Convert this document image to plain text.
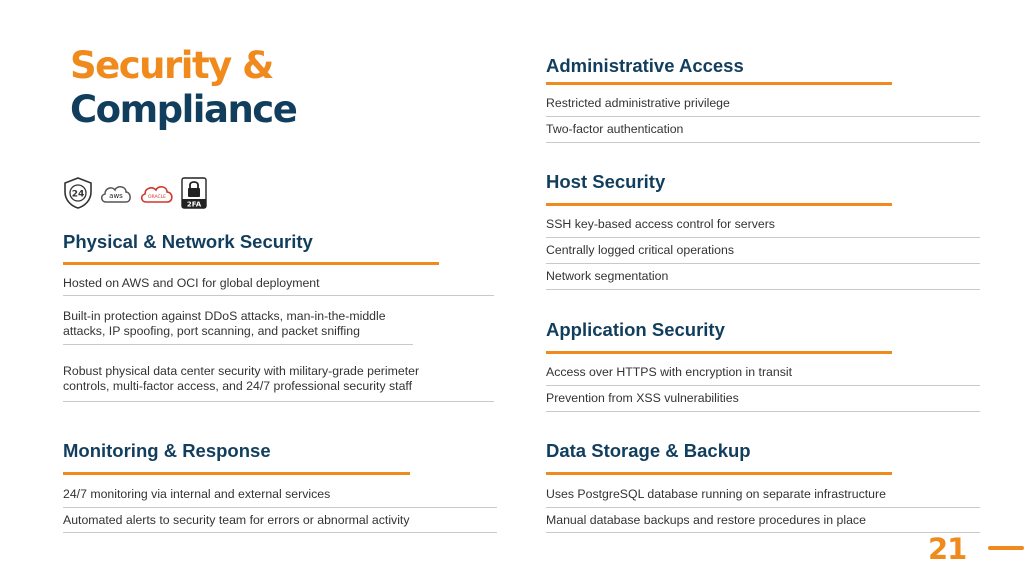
Security &
Compliance
24	aws	ORACLE
2FA
Physical & Network Security
Hosted on AWS and OCI for global deployment
Built-in protection against DDoS attacks, man-in-the-middle attacks, IP spoofing, port scanning, and packet sniffing
Robust physical data center security with military-grade perimeter controls, multi-factor access, and 24/7 professional security staff
Monitoring & Response
24/7 monitoring via internal and external services
Automated alerts to security team for errors or abnormal activity
Administrative Access
Restricted administrative privilege
Two-factor authentication
Host Security
SSH key-based access control for servers
Centrally logged critical operations
Network segmentation
Application Security
Access over HTTPS with encryption in transit
Prevention from XSS vulnerabilities
Data Storage & Backup
Uses PostgreSQL database running on separate infrastructure
Manual database backups and restore procedures in place
21
